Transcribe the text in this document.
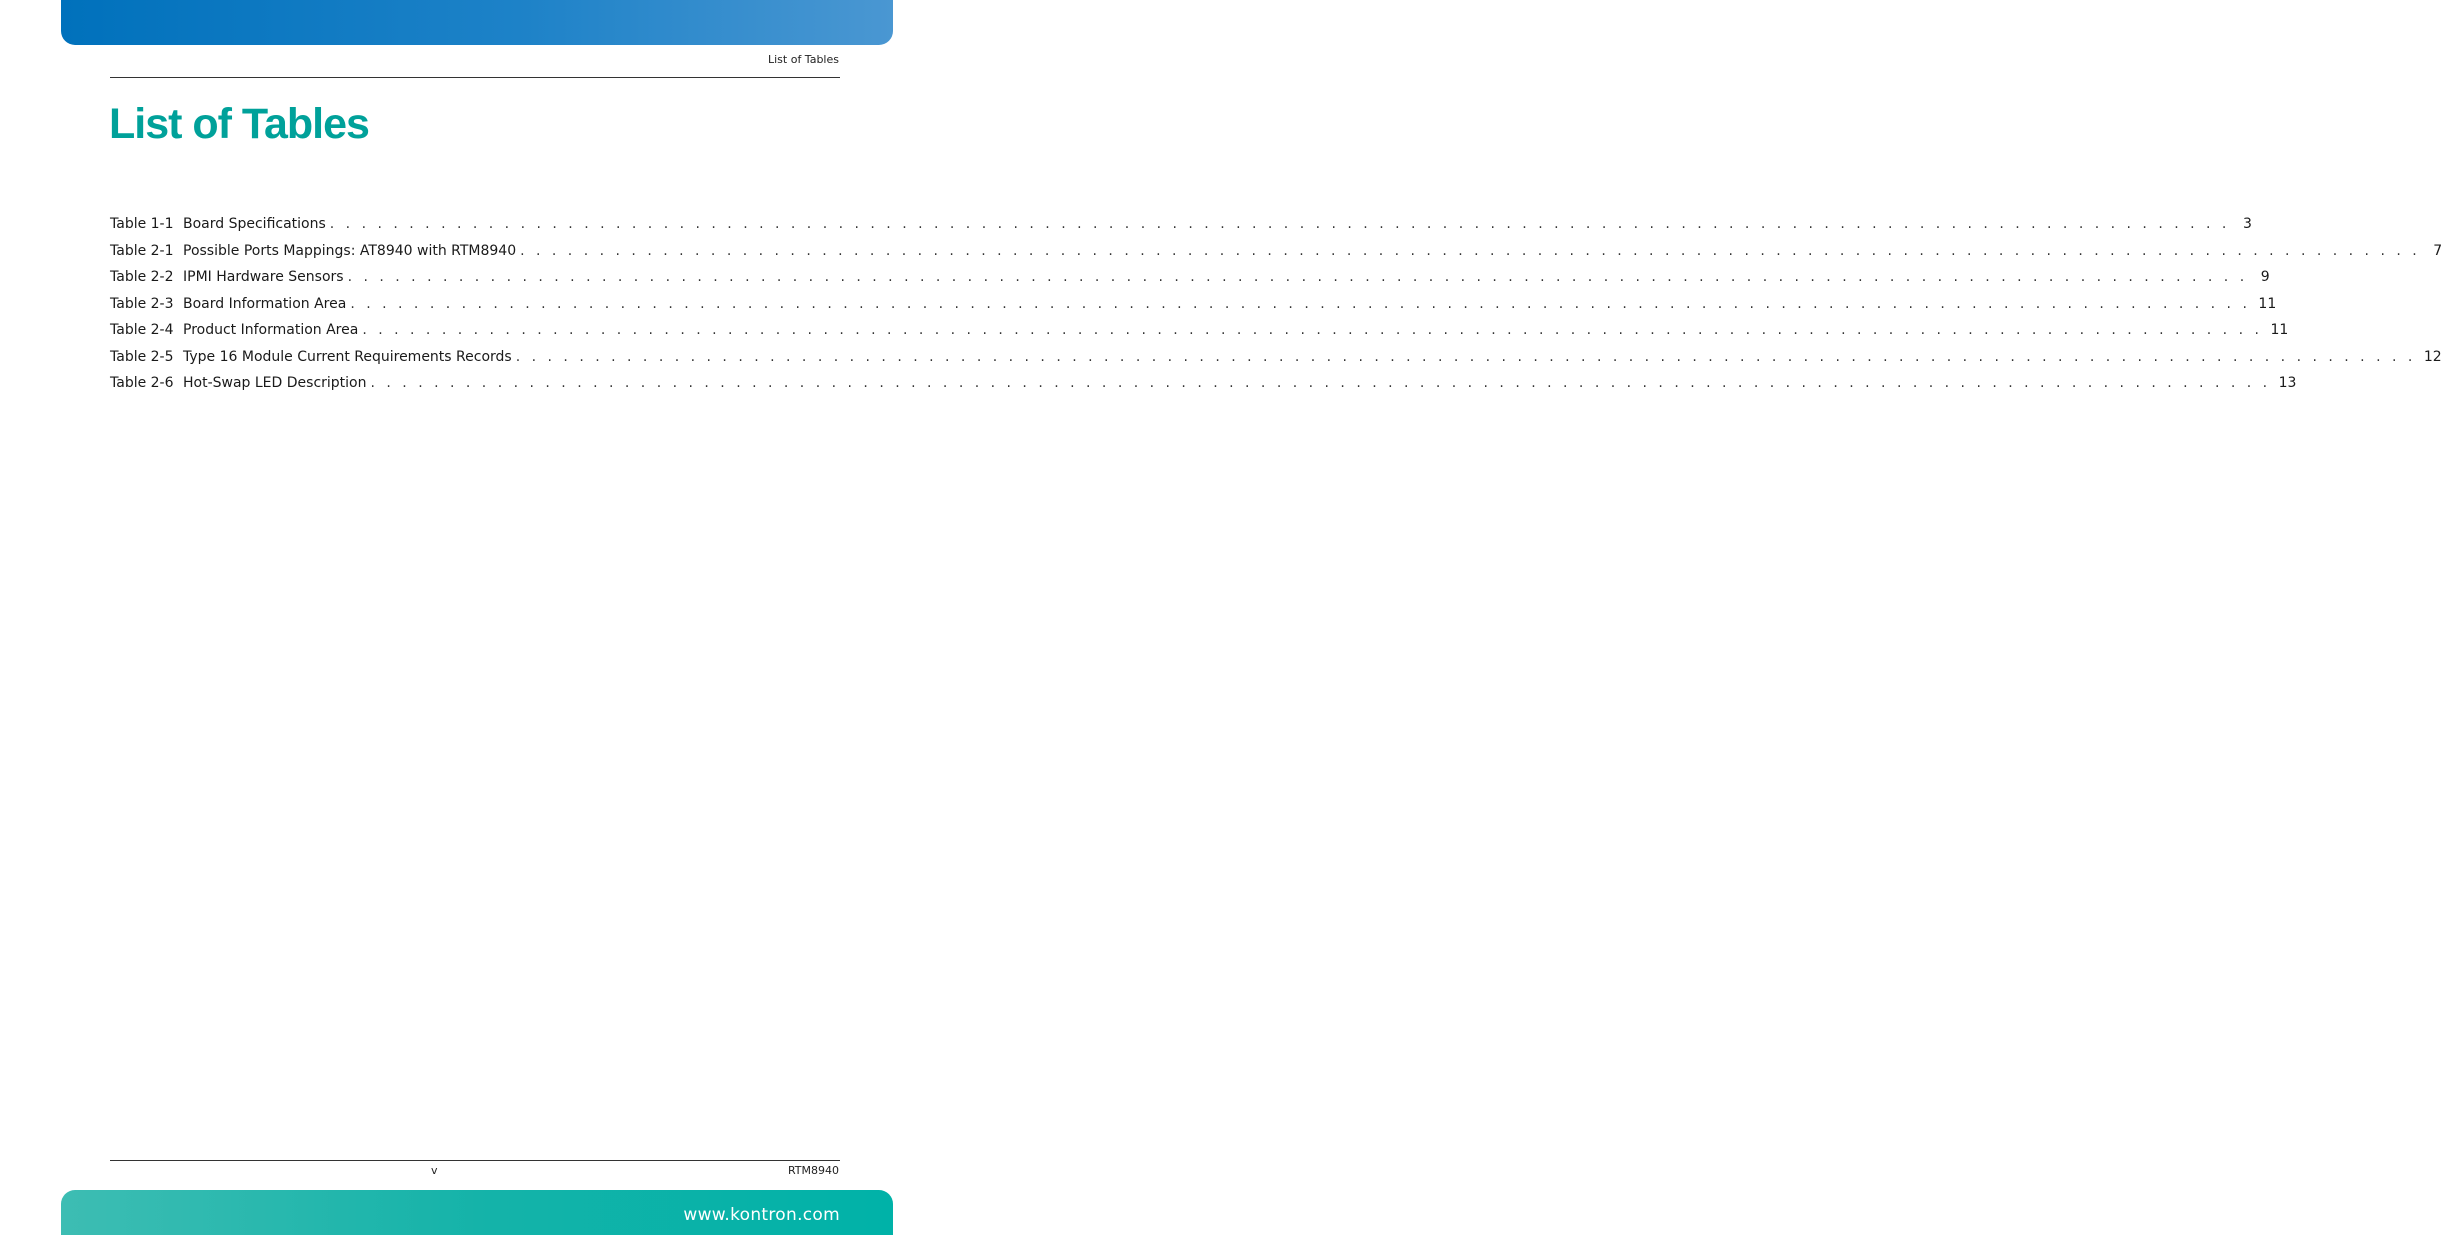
List of Tables
List of Tables
Table 1-1 Board Specifications . . . . . . . . . . . . . . . . . . . . . . . . . . . . . . . . . . . . . . . . . . . . . . . . . . . . . . . . . . . . . . . . . . . . . . . . . . . . . . . . . . . . . . . . . . . . . . . . . . . . . . . . . . . . . . . . . . . . . . . . 3
Table 2-1 Possible Ports Mappings: AT8940 with RTM8940 . . . . . . . . . . . . . . . . . . . . . . . . . . . . . . . . . . . . . . . . . . . . . . . . . . . . . . . . . . . . . . . . . . . . . . . . . . . . . . . . . . . . . . . . . . . . . . . . . . . . . . . . . . . . . . . . . . . . . . . . 7
Table 2-2 IPMI Hardware Sensors . . . . . . . . . . . . . . . . . . . . . . . . . . . . . . . . . . . . . . . . . . . . . . . . . . . . . . . . . . . . . . . . . . . . . . . . . . . . . . . . . . . . . . . . . . . . . . . . . . . . . . . . . . . . . . . . . . . . . . . . 9
Table 2-3 Board Information Area . . . . . . . . . . . . . . . . . . . . . . . . . . . . . . . . . . . . . . . . . . . . . . . . . . . . . . . . . . . . . . . . . . . . . . . . . . . . . . . . . . . . . . . . . . . . . . . . . . . . . . . . . . . . . . . . . . . . . . . . 11
Table 2-4 Product Information Area . . . . . . . . . . . . . . . . . . . . . . . . . . . . . . . . . . . . . . . . . . . . . . . . . . . . . . . . . . . . . . . . . . . . . . . . . . . . . . . . . . . . . . . . . . . . . . . . . . . . . . . . . . . . . . . . . . . . . . . . 11
Table 2-5 Type 16 Module Current Requirements Records . . . . . . . . . . . . . . . . . . . . . . . . . . . . . . . . . . . . . . . . . . . . . . . . . . . . . . . . . . . . . . . . . . . . . . . . . . . . . . . . . . . . . . . . . . . . . . . . . . . . . . . . . . . . . . . . . . . . . . . . 12
Table 2-6 Hot-Swap LED Description . . . . . . . . . . . . . . . . . . . . . . . . . . . . . . . . . . . . . . . . . . . . . . . . . . . . . . . . . . . . . . . . . . . . . . . . . . . . . . . . . . . . . . . . . . . . . . . . . . . . . . . . . . . . . . . . . . . . . . . . 13
v	RTM8940
www.kontron.com
